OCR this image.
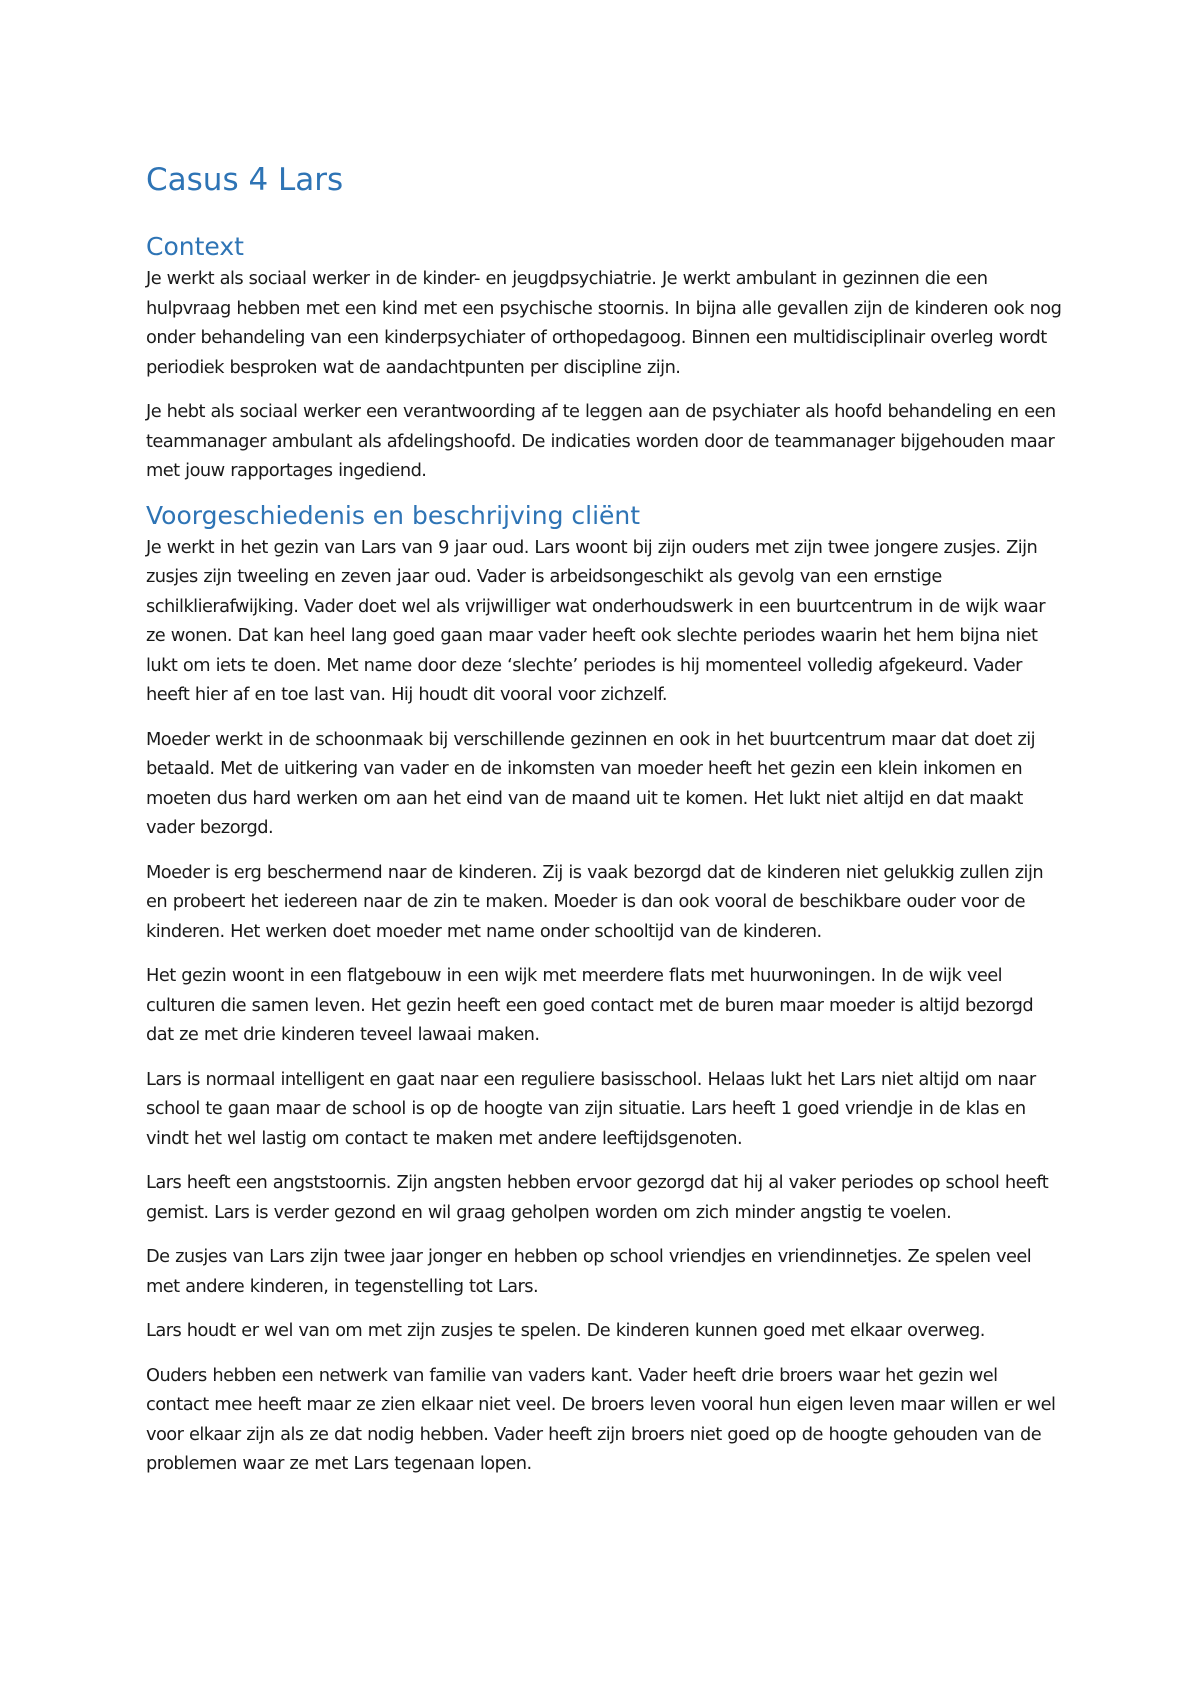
Casus 4 Lars
Context

Je werkt als sociaal werker in de kinder- en jeugdpsychiatrie. Je werkt ambulant in gezinnen die een hulpvraag hebben met een kind met een psychische stoornis. In bijna alle gevallen zijn de kinderen ook nog onder behandeling van een kinderpsychiater of orthopedagoog. Binnen een multidisciplinair overleg wordt periodiek besproken wat de aandachtpunten per discipline zijn.

Je hebt als sociaal werker een verantwoording af te leggen aan de psychiater als hoofd behandeling en een teammanager ambulant als afdelingshoofd. De indicaties worden door de teammanager bijgehouden maar met jouw rapportages ingediend.

Voorgeschiedenis en beschrijving cliënt

Je werkt in het gezin van Lars van 9 jaar oud. Lars woont bij zijn ouders met zijn twee jongere zusjes. Zijn zusjes zijn tweeling en zeven jaar oud. Vader is arbeidsongeschikt als gevolg van een ernstige schilklierafwijking. Vader doet wel als vrijwilliger wat onderhoudswerk in een buurtcentrum in de wijk waar ze wonen. Dat kan heel lang goed gaan maar vader heeft ook slechte periodes waarin het hem bijna niet lukt om iets te doen. Met name door deze ‘slechte’ periodes is hij momenteel volledig afgekeurd. Vader heeft hier af en toe last van. Hij houdt dit vooral voor zichzelf.

Moeder werkt in de schoonmaak bij verschillende gezinnen en ook in het buurtcentrum maar dat doet zij betaald. Met de uitkering van vader en de inkomsten van moeder heeft het gezin een klein inkomen en moeten dus hard werken om aan het eind van de maand uit te komen. Het lukt niet altijd en dat maakt vader bezorgd.

Moeder is erg beschermend naar de kinderen. Zij is vaak bezorgd dat de kinderen niet gelukkig zullen zijn en probeert het iedereen naar de zin te maken. Moeder is dan ook vooral de beschikbare ouder voor de kinderen. Het werken doet moeder met name onder schooltijd van de kinderen.

Het gezin woont in een flatgebouw in een wijk met meerdere flats met huurwoningen. In de wijk veel culturen die samen leven. Het gezin heeft een goed contact met de buren maar moeder is altijd bezorgd dat ze met drie kinderen teveel lawaai maken.

Lars is normaal intelligent en gaat naar een reguliere basisschool. Helaas lukt het Lars niet altijd om naar school te gaan maar de school is op de hoogte van zijn situatie. Lars heeft 1 goed vriendje in de klas en vindt het wel lastig om contact te maken met andere leeftijdsgenoten.

Lars heeft een angststoornis. Zijn angsten hebben ervoor gezorgd dat hij al vaker periodes op school heeft gemist. Lars is verder gezond en wil graag geholpen worden om zich minder angstig te voelen.

De zusjes van Lars zijn twee jaar jonger en hebben op school vriendjes en vriendinnetjes. Ze spelen veel met andere kinderen, in tegenstelling tot Lars.

Lars houdt er wel van om met zijn zusjes te spelen. De kinderen kunnen goed met elkaar overweg.

Ouders hebben een netwerk van familie van vaders kant. Vader heeft drie broers waar het gezin wel contact mee heeft maar ze zien elkaar niet veel. De broers leven vooral hun eigen leven maar willen er wel voor elkaar zijn als ze dat nodig hebben. Vader heeft zijn broers niet goed op de hoogte gehouden van de problemen waar ze met Lars tegenaan lopen.
